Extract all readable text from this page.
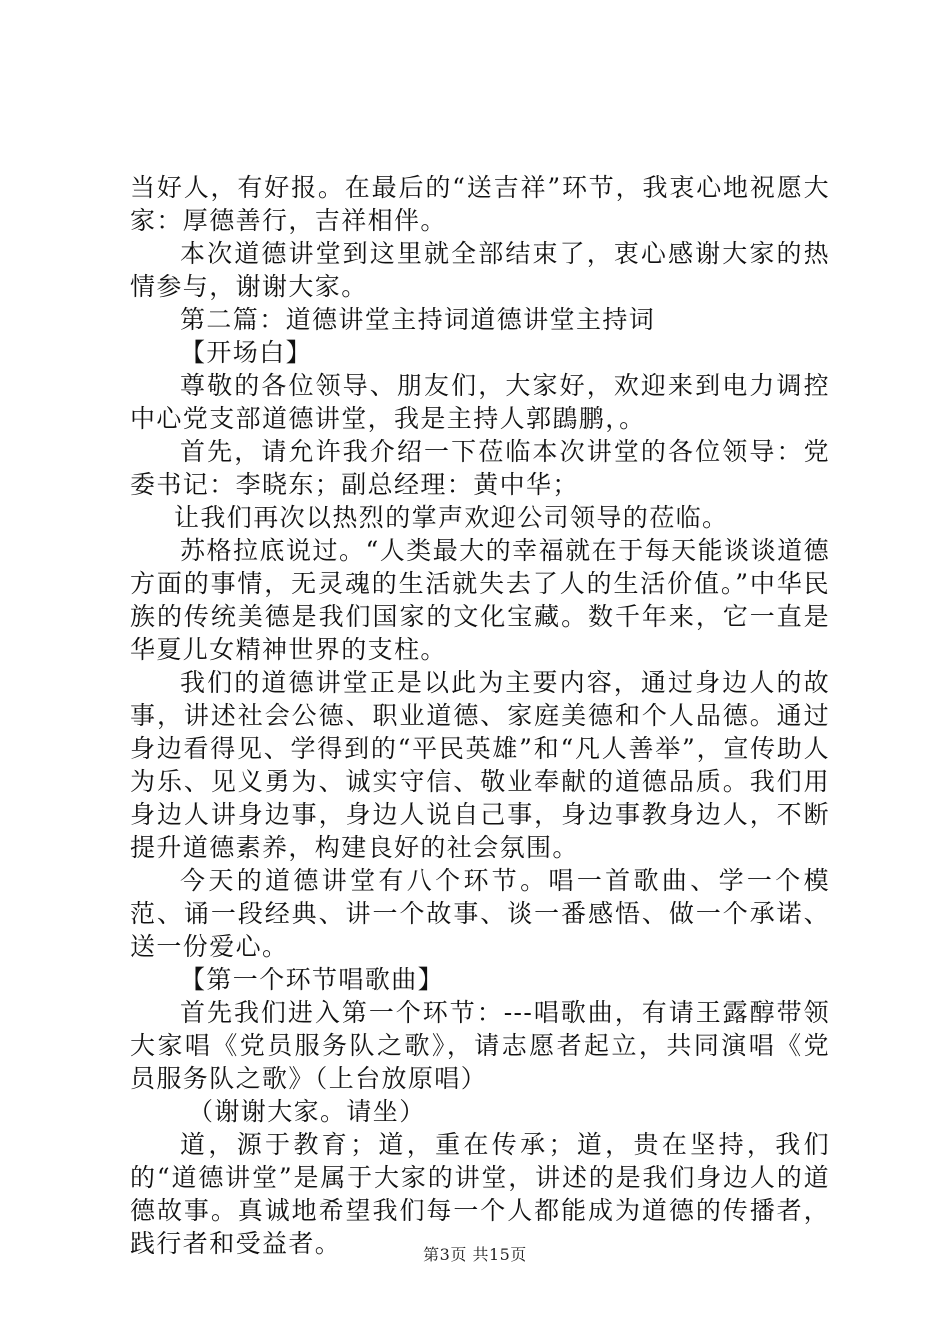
当好人，有好报。在最后的“送吉祥”环节，我衷心地祝愿大家：厚德善行，吉祥相伴。

本次道德讲堂到这里就全部结束了，衷心感谢大家的热情参与，谢谢大家。

第二篇：道德讲堂主持词道德讲堂主持词

【开场白】

尊敬的各位领导、朋友们，大家好，欢迎来到电力调控中心党支部道德讲堂，我是主持人郭鵾鹏，。

首先，请允许我介绍一下莅临本次讲堂的各位领导：党委书记：李晓东；副总经理：黄中华；

让我们再次以热烈的掌声欢迎公司领导的莅临。

苏格拉底说过。“人类最大的幸福就在于每天能谈谈道德方面的事情，无灵魂的生活就失去了人的生活价值。”中华民族的传统美德是我们国家的文化宝藏。数千年来，它一直是华夏儿女精神世界的支柱。

我们的道德讲堂正是以此为主要内容，通过身边人的故事，讲述社会公德、职业道德、家庭美德和个人品德。通过身边看得见、学得到的“平民英雄”和“凡人善举”，宣传助人为乐、见义勇为、诚实守信、敬业奉献的道德品质。我们用身边人讲身边事，身边人说自己事，身边事教身边人，不断提升道德素养，构建良好的社会氛围。

今天的道德讲堂有八个环节。唱一首歌曲、学一个模范、诵一段经典、讲一个故事、谈一番感悟、做一个承诺、送一份爱心。

【第一个环节唱歌曲】

首先我们进入第一个环节：---唱歌曲，有请王露醇带领大家唱《党员服务队之歌》，请志愿者起立，共同演唱《党员服务队之歌》（上台放原唱）

（谢谢大家。请坐）

道，源于教育；道，重在传承；道，贵在坚持，我们的“道德讲堂”是属于大家的讲堂，讲述的是我们身边人的道德故事。真诚地希望我们每一个人都能成为道德的传播者，践行者和受益者。	第3页 共15页
